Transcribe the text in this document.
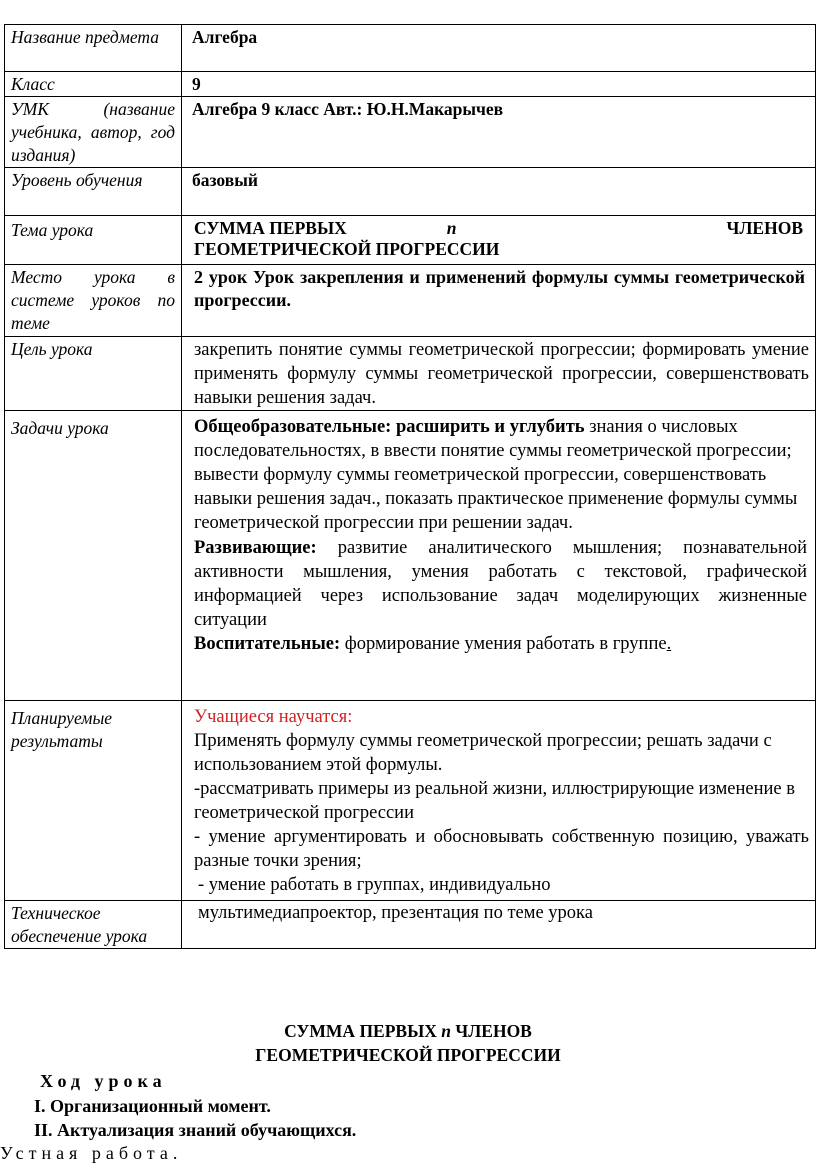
Название предмета	Алгебра
Класс	9
УМК (название учебника, автор, год издания)	Алгебра 9 класс Авт.: Ю.Н.Макарычев
Уровень обучения	базовый
Тема урока	СУММА ПЕРВЫХ n ЧЛЕНОВ
ГЕОМЕТРИЧЕСКОЙ ПРОГРЕССИИ

Место урока в системе уроков по теме	2 урок Урок закрепления и применений формулы суммы геометрической прогрессии.
Цель урока	закрепить понятие суммы геометрической прогрессии; формировать умение применять формулу суммы геометрической прогрессии, совершенствовать навыки решения задач.
Задачи урока	Общеобразовательные: расширить и углубить знания о числовых последовательностях, в ввести понятие суммы геометрической прогрессии; вывести формулу суммы геометрической прогрессии, совершенствовать навыки решения задач., показать практическое применение формулы суммы геометрической прогрессии при решении задач.
Развивающие: развитие аналитического мышления; познавательной активности мышления, умения работать с текстовой, графической информацией через использование задач моделирующих жизненные ситуации
Воспитательные: формирование умения работать в группе.

Планируемые результаты	Учащиеся научатся:
Применять формулу суммы геометрической прогрессии; решать задачи с использованием этой формулы.
-рассматривать примеры из реальной жизни, иллюстрирующие изменение в геометрической прогрессии
- умение аргументировать и обосновывать собственную позицию, уважать разные точки зрения;
- умение работать в группах, индивидуально

Техническое обеспечение урока	мультимедиапроектор, презентация по теме урока
СУММА ПЕРВЫХ n ЧЛЕНОВ
ГЕОМЕТРИЧЕСКОЙ ПРОГРЕССИИ
Ход урока
I. Организационный момент.
II. Актуализация знаний обучающихся.
Устная работа.
